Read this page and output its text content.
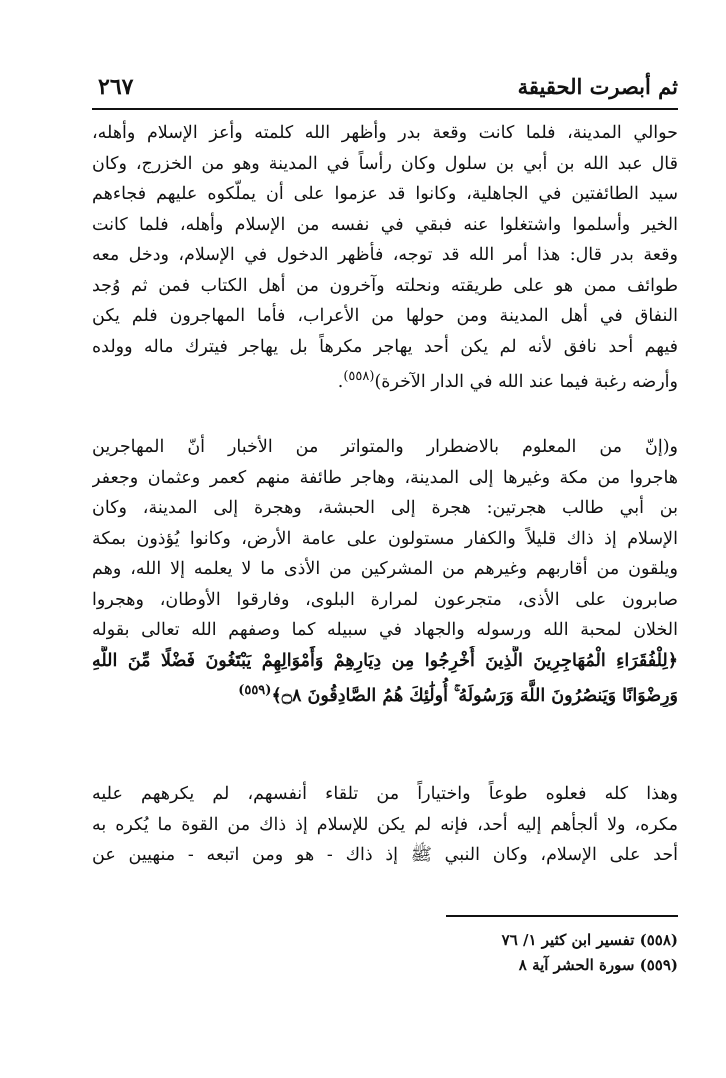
ثم أبصرت الحقيقة
٢٦٧
حوالي المدينة، فلما كانت وقعة بدر وأظهر الله كلمته وأعز الإسلام وأهله،
قال عبد الله بن أبي بن سلول وكان رأساً في المدينة وهو من الخزرج، وكان
سيد الطائفتين في الجاهلية، وكانوا قد عزموا على أن يملّكوه عليهم فجاءهم
الخير وأسلموا واشتغلوا عنه فبقي في نفسه من الإسلام وأهله، فلما كانت
وقعة بدر قال: هذا أمر الله قد توجه، فأظهر الدخول في الإسلام، ودخل معه
طوائف ممن هو على طريقته ونحلته وآخرون من أهل الكتاب فمن ثم وُجد
النفاق في أهل المدينة ومن حولها من الأعراب، فأما المهاجرون فلم يكن
فيهم أحد نافق لأنه لم يكن أحد يهاجر مكرهاً بل يهاجر فيترك ماله وولده
وأرضه رغبة فيما عند الله في الدار الآخرة)$^{(٥٥٨)}$.
و(إنّ من المعلوم بالاضطرار والمتواتر من الأخبار أنّ المهاجرين
هاجروا من مكة وغيرها إلى المدينة، وهاجر طائفة منهم كعمر وعثمان وجعفر
بن أبي طالب هجرتين: هجرة إلى الحبشة، وهجرة إلى المدينة، وكان
الإسلام إذ ذاك قليلاً والكفار مستولون على عامة الأرض، وكانوا يُؤذون بمكة
ويلقون من أقاربهم وغيرهم من المشركين من الأذى ما لا يعلمه إلا الله، وهم
صابرون على الأذى، متجرعون لمرارة البلوى، وفارقوا الأوطان، وهجروا
الخلان لمحبة الله ورسوله والجهاد في سبيله كما وصفهم الله تعالى بقوله
﴿لِلْفُقَرَاءِ الْمُهَاجِرِينَ الَّذِينَ أُخْرِجُوا مِن دِيَارِهِمْ وَأَمْوَالِهِمْ يَبْتَغُونَ فَضْلًا مِّنَ اللَّهِ
وَرِضْوَانًا وَيَنصُرُونَ اللَّهَ وَرَسُولَهُ ۚ أُولَٰئِكَ هُمُ الصَّادِقُونَ ۝٨﴾$^{(٥٥٩)}$
وهذا كله فعلوه طوعاً واختياراً من تلقاء أنفسهم، لم يكرههم عليه
مكره، ولا ألجأهم إليه أحد، فإنه لم يكن للإسلام إذ ذاك من القوة ما يُكره به
أحد على الإسلام، وكان النبي ﷺ إذ ذاك - هو ومن اتبعه - منهيين عن
(٥٥٨) تفسير ابن كثير ١/ ٧٦
(٥٥٩) سورة الحشر آية ٨
